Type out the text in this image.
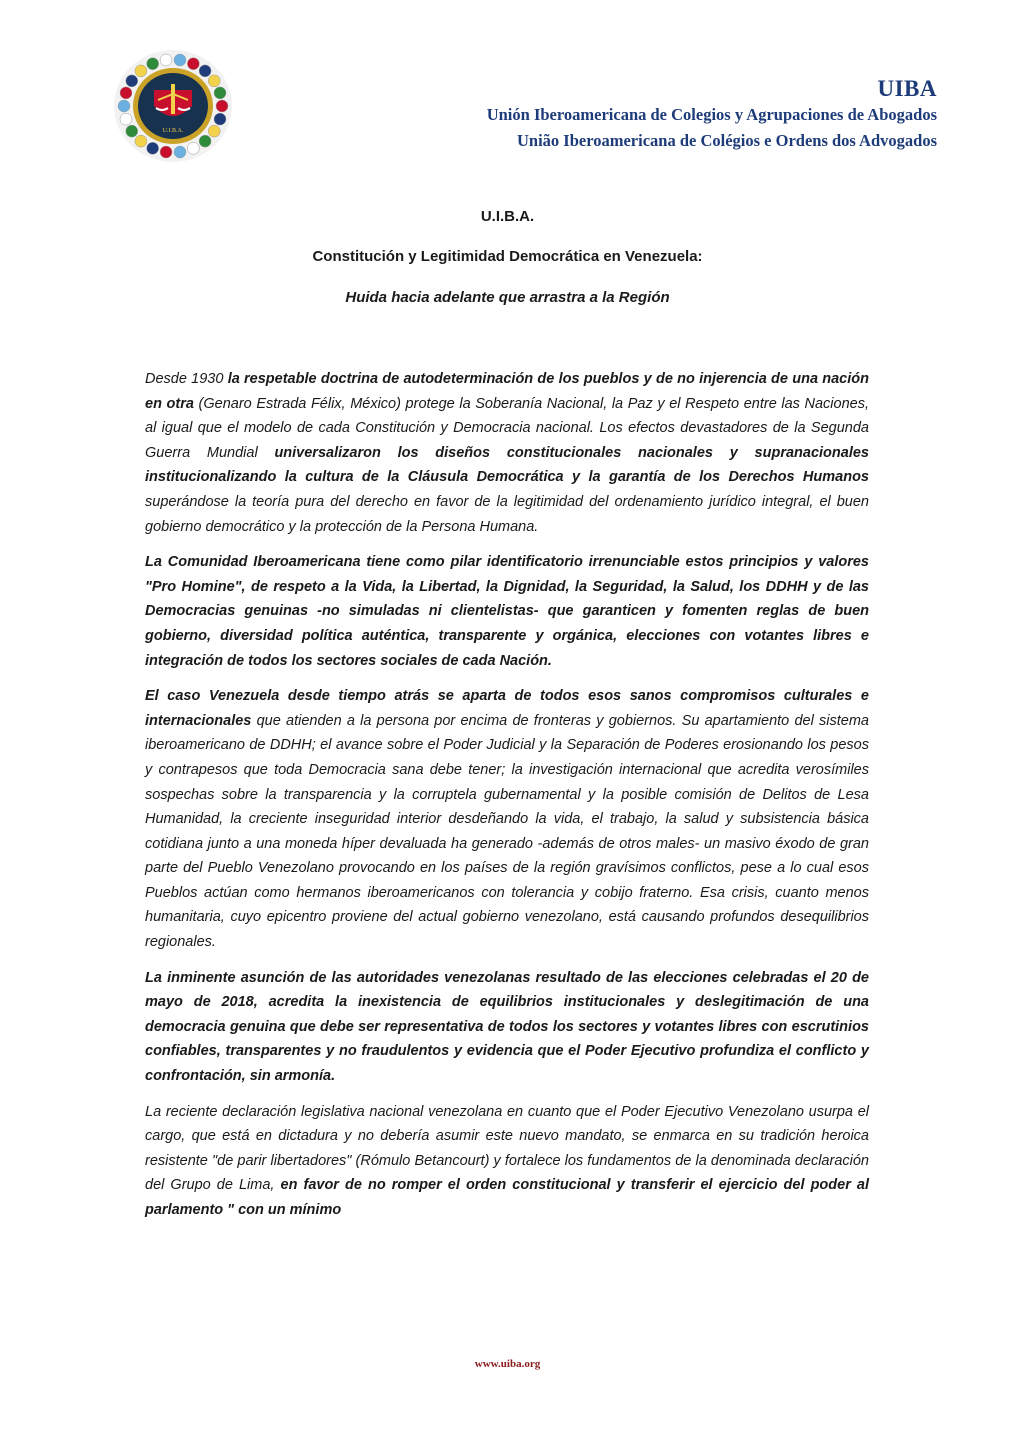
U.I.B.A.
UIBA
Unión Iberoamericana de Colegios y Agrupaciones de Abogados
União Iberoamericana de Colégios e Ordens dos Advogados
U.I.B.A.
Constitución y Legitimidad Democrática en Venezuela:
Huida hacia adelante que arrastra a la Región

Desde 1930 la respetable doctrina de autodeterminación de los pueblos y de no injerencia de una nación en otra (Genaro Estrada Félix, México) protege la Soberanía Nacional, la Paz y el Respeto entre las Naciones, al igual que el modelo de cada Constitución y Democracia nacional. Los efectos devastadores de la Segunda Guerra Mundial universalizaron los diseños constitucionales nacionales y supranacionales institucionalizando la cultura de la Cláusula Democrática y la garantía de los Derechos Humanos superándose la teoría pura del derecho en favor de la legitimidad del ordenamiento jurídico integral, el buen gobierno democrático y la protección de la Persona Humana.

La Comunidad Iberoamericana tiene como pilar identificatorio irrenunciable estos principios y valores "Pro Homine", de respeto a la Vida, la Libertad, la Dignidad, la Seguridad, la Salud, los DDHH y de las Democracias genuinas -no simuladas ni clientelistas- que garanticen y fomenten reglas de buen gobierno, diversidad política auténtica, transparente y orgánica, elecciones con votantes libres e integración de todos los sectores sociales de cada Nación.

El caso Venezuela desde tiempo atrás se aparta de todos esos sanos compromisos culturales e internacionales que atienden a la persona por encima de fronteras y gobiernos. Su apartamiento del sistema iberoamericano de DDHH; el avance sobre el Poder Judicial y la Separación de Poderes erosionando los pesos y contrapesos que toda Democracia sana debe tener; la investigación internacional que acredita verosímiles sospechas sobre la transparencia y la corruptela gubernamental y la posible comisión de Delitos de Lesa Humanidad, la creciente inseguridad interior desdeñando la vida, el trabajo, la salud y subsistencia básica cotidiana junto a una moneda híper devaluada ha generado -además de otros males- un masivo éxodo de gran parte del Pueblo Venezolano provocando en los países de la región gravísimos conflictos, pese a lo cual esos Pueblos actúan como hermanos iberoamericanos con tolerancia y cobijo fraterno. Esa crisis, cuanto menos humanitaria, cuyo epicentro proviene del actual gobierno venezolano, está causando profundos desequilibrios regionales.

La inminente asunción de las autoridades venezolanas resultado de las elecciones celebradas el 20 de mayo de 2018, acredita la inexistencia de equilibrios institucionales y deslegitimación de una democracia genuina que debe ser representativa de todos los sectores y votantes libres con escrutinios confiables, transparentes y no fraudulentos y evidencia que el Poder Ejecutivo profundiza el conflicto y confrontación, sin armonía.

La reciente declaración legislativa nacional venezolana en cuanto que el Poder Ejecutivo Venezolano usurpa el cargo, que está en dictadura y no debería asumir este nuevo mandato, se enmarca en su tradición heroica resistente "de parir libertadores" (Rómulo Betancourt) y fortalece los fundamentos de la denominada declaración del Grupo de Lima, en favor de no romper el orden constitucional y transferir el ejercicio del poder al parlamento " con un mínimo

www.uiba.org
